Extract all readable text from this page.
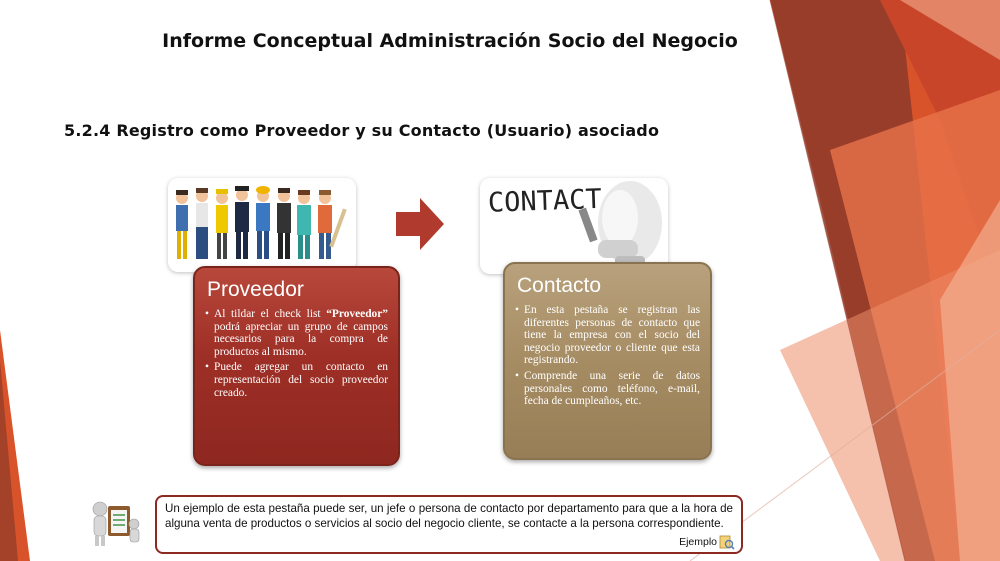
Informe Conceptual Administración Socio del Negocio
5.2.4 Registro como Proveedor y su Contacto (Usuario) asociado
CONTACT
Proveedor
• Al tildar el check list “Proveedor” podrá apreciar un grupo de campos necesarios para la compra de productos al mismo.
• Puede agregar un contacto en representación del socio proveedor creado.
Contacto
• En esta pestaña se registran las diferentes personas de contacto que tiene la empresa con el socio del negocio proveedor o cliente que esta registrando.
• Comprende una serie de datos personales como teléfono, e-mail, fecha de cumpleaños, etc.

Un ejemplo de esta pestaña puede ser, un jefe o persona de contacto por departamento para que a la hora de alguna venta de productos o servicios al socio del negocio cliente, se contacte a la persona correspondiente.

Ejemplo
